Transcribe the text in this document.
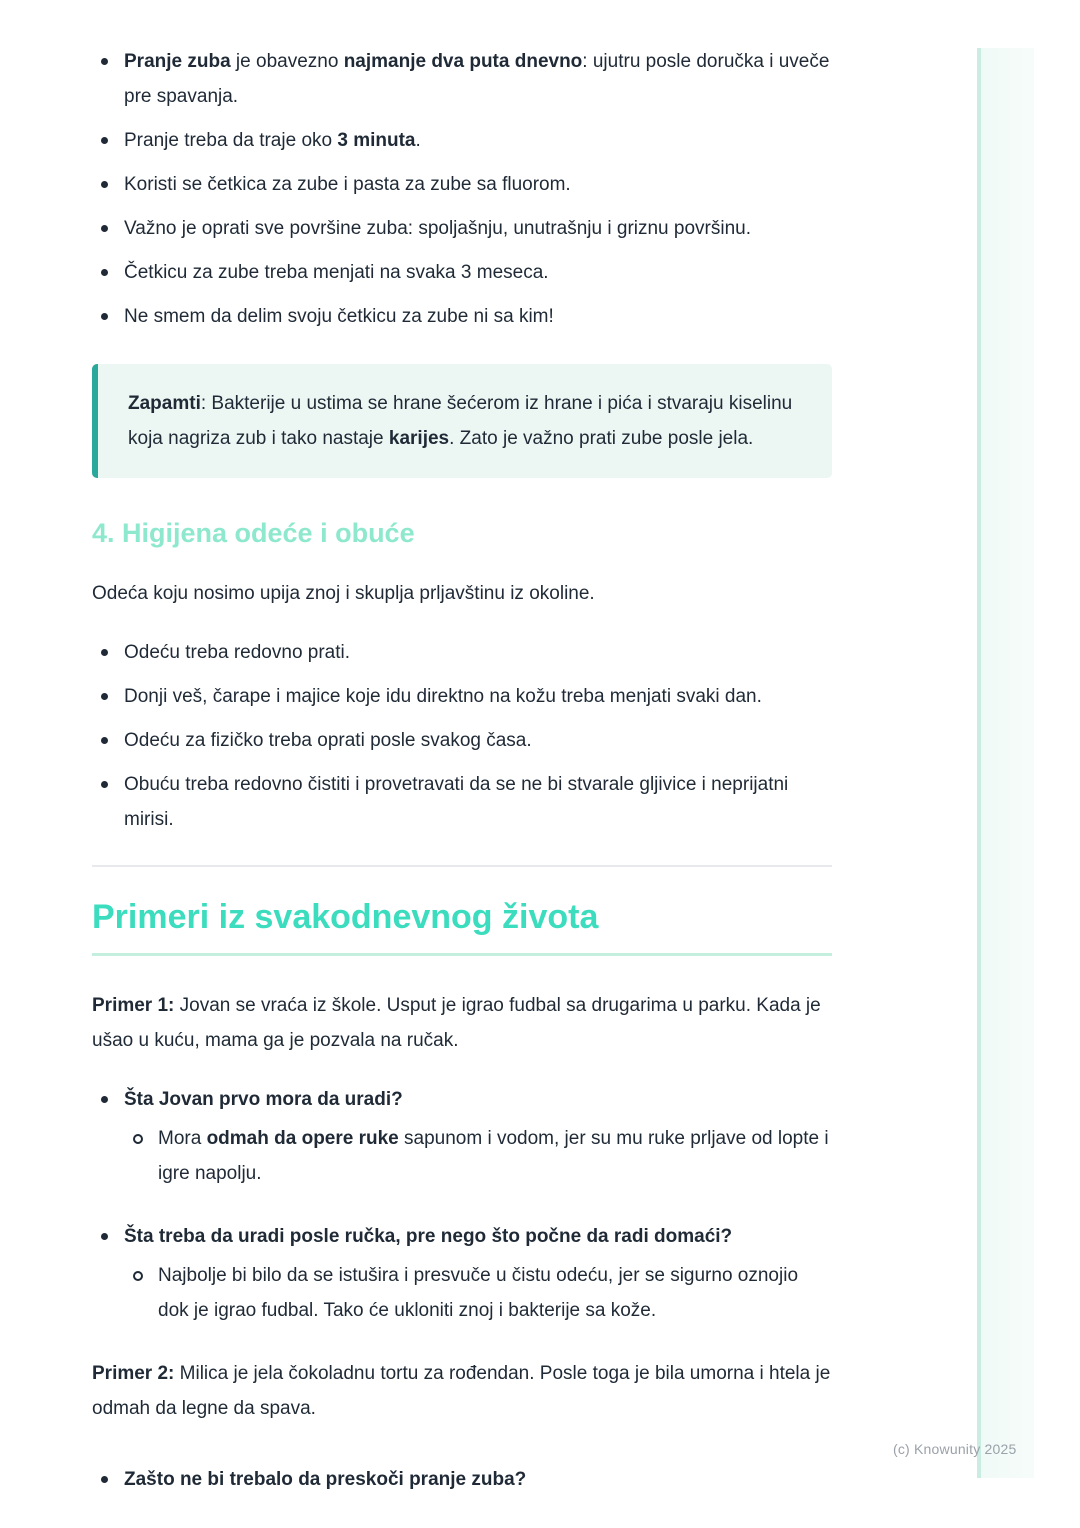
Pranje zuba je obavezno najmanje dva puta dnevno: ujutru posle doručka i uveče pre spavanja.
Pranje treba da traje oko 3 minuta.
Koristi se četkica za zube i pasta za zube sa fluorom.
Važno je oprati sve površine zuba: spoljašnju, unutrašnju i griznu površinu.
Četkicu za zube treba menjati na svaka 3 meseca.
Ne smem da delim svoju četkicu za zube ni sa kim!

Zapamti: Bakterije u ustima se hrane šećerom iz hrane i pića i stvaraju kiselinu koja nagriza zub i tako nastaje karijes. Zato je važno prati zube posle jela.

4. Higijena odeće i obuće

Odeća koju nosimo upija znoj i skuplja prljavštinu iz okoline.

Odeću treba redovno prati.
Donji veš, čarape i majice koje idu direktno na kožu treba menjati svaki dan.
Odeću za fizičko treba oprati posle svakog časa.
Obuću treba redovno čistiti i provetravati da se ne bi stvarale gljivice i neprijatni mirisi.
Primeri iz svakodnevnog života

Primer 1: Jovan se vraća iz škole. Usput je igrao fudbal sa drugarima u parku. Kada je ušao u kuću, mama ga je pozvala na ručak.

Šta Jovan prvo mora da uradi?
Mora odmah da opere ruke sapunom i vodom, jer su mu ruke prljave od lopte i igre napolju.
Šta treba da uradi posle ručka, pre nego što počne da radi domaći?
Najbolje bi bilo da se istušira i presvuče u čistu odeću, jer se sigurno oznojio dok je igrao fudbal. Tako će ukloniti znoj i bakterije sa kože.

Primer 2: Milica je jela čokoladnu tortu za rođendan. Posle toga je bila umorna i htela je odmah da legne da spava.

Zašto ne bi trebalo da preskoči pranje zuba?
(c) Knowunity 2025
